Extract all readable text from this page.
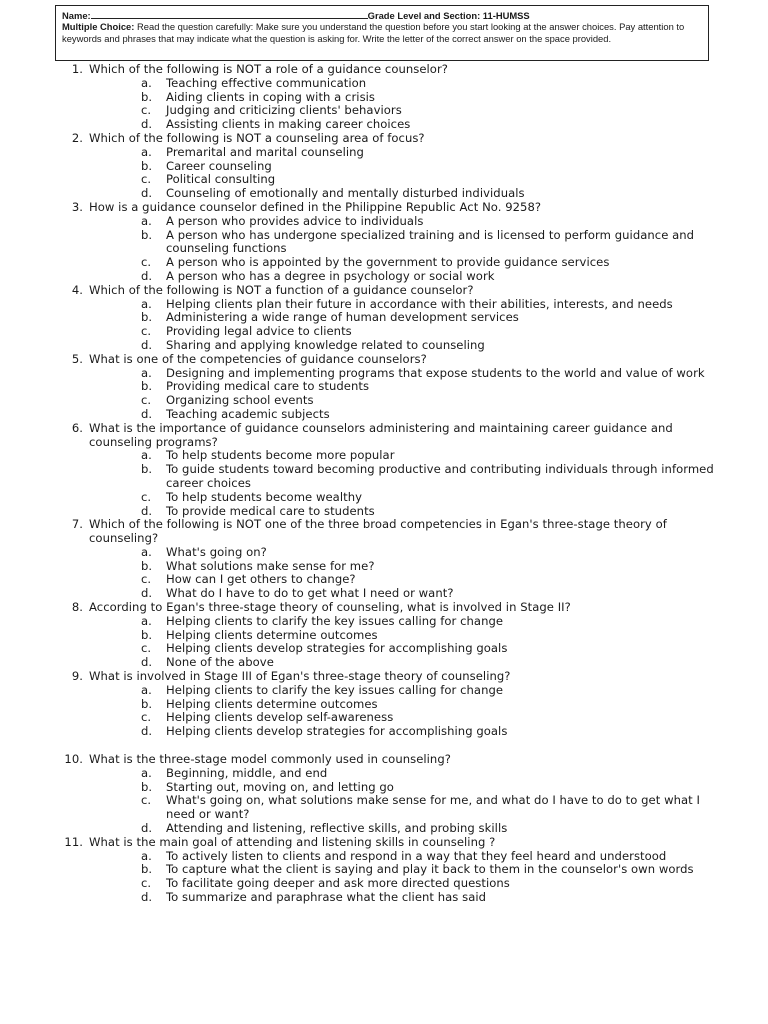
Name:	Grade Level and Section: 11-HUMSS
Multiple Choice: Read the question carefully: Make sure you understand the question before you start looking at the answer choices. Pay attention to keywords and phrases that may indicate what the question is asking for. Write the letter of the correct answer on the space provided.
1. Which of the following is NOT a role of a guidance counselor?
a.	Teaching effective communication
b.	Aiding clients in coping with a crisis
c.	Judging and criticizing clients' behaviors
d.	Assisting clients in making career choices
2. Which of the following is NOT a counseling area of focus?
a.	Premarital and marital counseling
b.	Career counseling
c.	Political consulting
d.	Counseling of emotionally and mentally disturbed individuals
3. How is a guidance counselor defined in the Philippine Republic Act No. 9258?
a.	A person who provides advice to individuals
b.	A person who has undergone specialized training and is licensed to perform guidance and counseling functions
c.	A person who is appointed by the government to provide guidance services
d.	A person who has a degree in psychology or social work
4. Which of the following is NOT a function of a guidance counselor?
a.	Helping clients plan their future in accordance with their abilities, interests, and needs
b.	Administering a wide range of human development services
c.	Providing legal advice to clients
d.	Sharing and applying knowledge related to counseling
5. What is one of the competencies of guidance counselors?
a.	Designing and implementing programs that expose students to the world and value of work
b.	Providing medical care to students
c.	Organizing school events
d.	Teaching academic subjects
6. What is the importance of guidance counselors administering and maintaining career guidance and counseling programs?
a.	To help students become more popular
b.	To guide students toward becoming productive and contributing individuals through informed career choices
c.	To help students become wealthy
d.	To provide medical care to students
7. Which of the following is NOT one of the three broad competencies in Egan's three-stage theory of counseling?
a.	What's going on?
b.	What solutions make sense for me?
c.	How can I get others to change?
d.	What do I have to do to get what I need or want?
8. According to Egan's three-stage theory of counseling, what is involved in Stage II?
a.	Helping clients to clarify the key issues calling for change
b.	Helping clients determine outcomes
c.	Helping clients develop strategies for accomplishing goals
d.	None of the above
9. What is involved in Stage III of Egan's three-stage theory of counseling?
a.	Helping clients to clarify the key issues calling for change
b.	Helping clients determine outcomes
c.	Helping clients develop self-awareness
d.	Helping clients develop strategies for accomplishing goals
10. What is the three-stage model commonly used in counseling?
a.	Beginning, middle, and end
b.	Starting out, moving on, and letting go
c.	What's going on, what solutions make sense for me, and what do I have to do to get what I need or want?
d.	Attending and listening, reflective skills, and probing skills
11. What is the main goal of attending and listening skills in counseling ?
a.	To actively listen to clients and respond in a way that they feel heard and understood
b.	To capture what the client is saying and play it back to them in the counselor's own words
c.	To facilitate going deeper and ask more directed questions
d.	To summarize and paraphrase what the client has said
